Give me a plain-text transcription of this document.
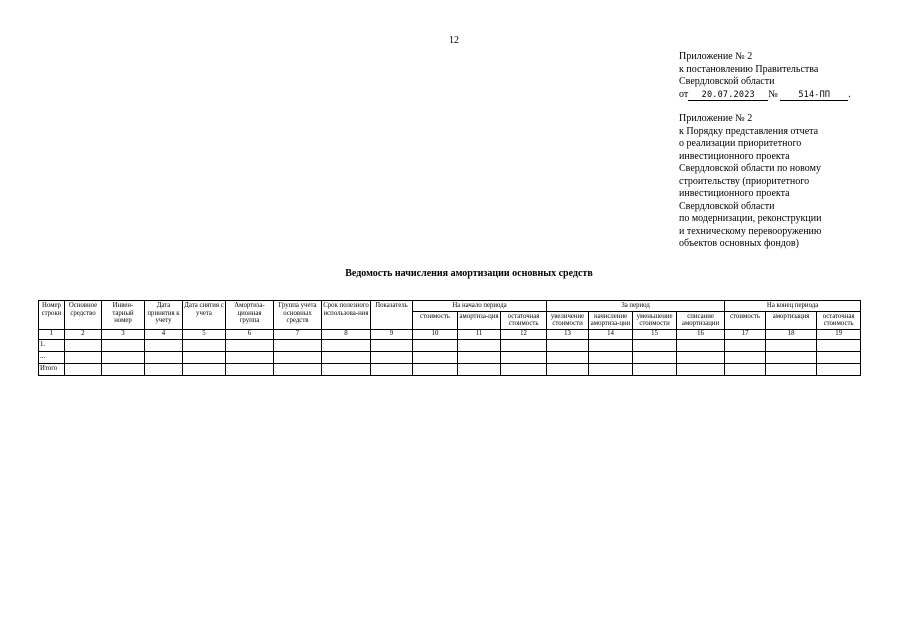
12
Приложение № 2
к постановлению Правительства
Свердловской области
от 20.07.2023 № 514-ПП .
Приложение № 2
к Порядку представления отчета
о реализации приоритетного
инвестиционного проекта
Свердловской области по новому
строительству (приоритетного
инвестиционного проекта
Свердловской области
по модернизации, реконструкции
и техническому перевооружению
объектов основных фондов)
Ведомость начисления амортизации основных средств
Номер строки	Основное средство	Инвен-тарный номер	Дата принятия к учету	Дата снятия с учета	Амортиза-ционная группа	Группа учета основных средств	Срок полезного использова-ния	Показатель	На начало периода			За период				На конец периода		
									стоимость	амортиза-ция	остаточная стоимость	увеличение стоимости	начисление амортиза-ции	уменьшение стоимости	списание амортизации	стоимость	амортизация	остаточная стоимость
1	2	3	4	5	6	7	8	9	10	11	12	13	14	15	16	17	18	19
1.																		
...																		
Итого																		
